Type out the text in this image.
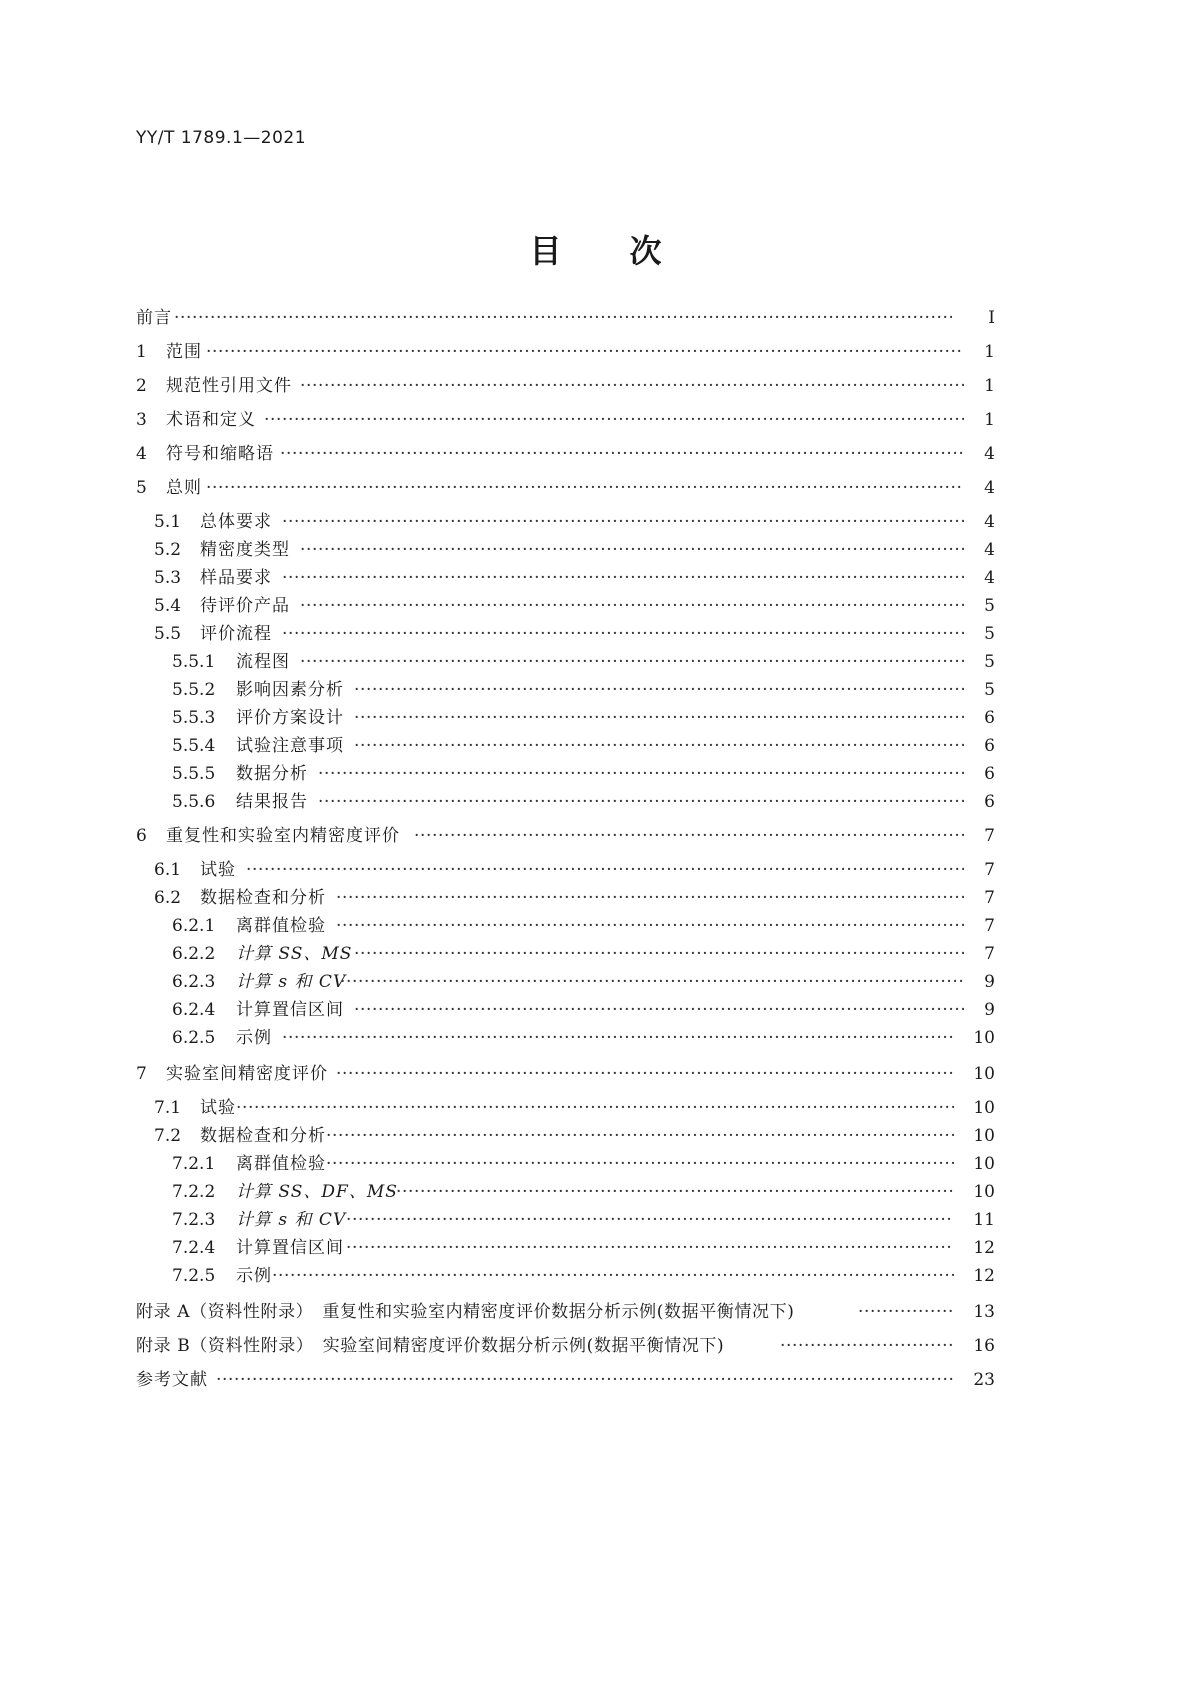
YY/T 1789.1—2021
目 次
前言 ·····	Ⅰ
1 范围 ·····	1
2 规范性引用文件 ·····	1
3 术语和定义 ·····	1
4 符号和缩略语 ·····	4
5 总则 ·····	4
5.1 总体要求 ·····	4
5.2 精密度类型 ·····	4
5.3 样品要求 ·····	4
5.4 待评价产品 ·····	5
5.5 评价流程 ·····	5
5.5.1 流程图 ·····	5
5.5.2 影响因素分析 ·····	5
5.5.3 评价方案设计 ·····	6
5.5.4 试验注意事项 ·····	6
5.5.5 数据分析 ·····	6
5.5.6 结果报告 ·····	6
6 重复性和实验室内精密度评价 ·····	7
6.1 试验 ·····	7
6.2 数据检查和分析 ·····	7
6.2.1 离群值检验 ·····	7
6.2.2 计算 SS、MS ·····	7
6.2.3 计算 s 和 CV ·····	9
6.2.4 计算置信区间 ·····	9
6.2.5 示例 ·····	10
7 实验室间精密度评价 ·····	10
7.1 试验 ·····	10
7.2 数据检查和分析 ·····	10
7.2.1 离群值检验 ·····	10
7.2.2 计算 SS、DF、MS ·····	10
7.2.3 计算 s 和 CV ·····	11
7.2.4 计算置信区间 ·····	12
7.2.5 示例 ·····	12
附录 A（资料性附录）　重复性和实验室内精密度评价数据分析示例(数据平衡情况下) ·····	13
附录 B（资料性附录）　实验室间精密度评价数据分析示例(数据平衡情况下) ·····	16
参考文献 ·····	23
